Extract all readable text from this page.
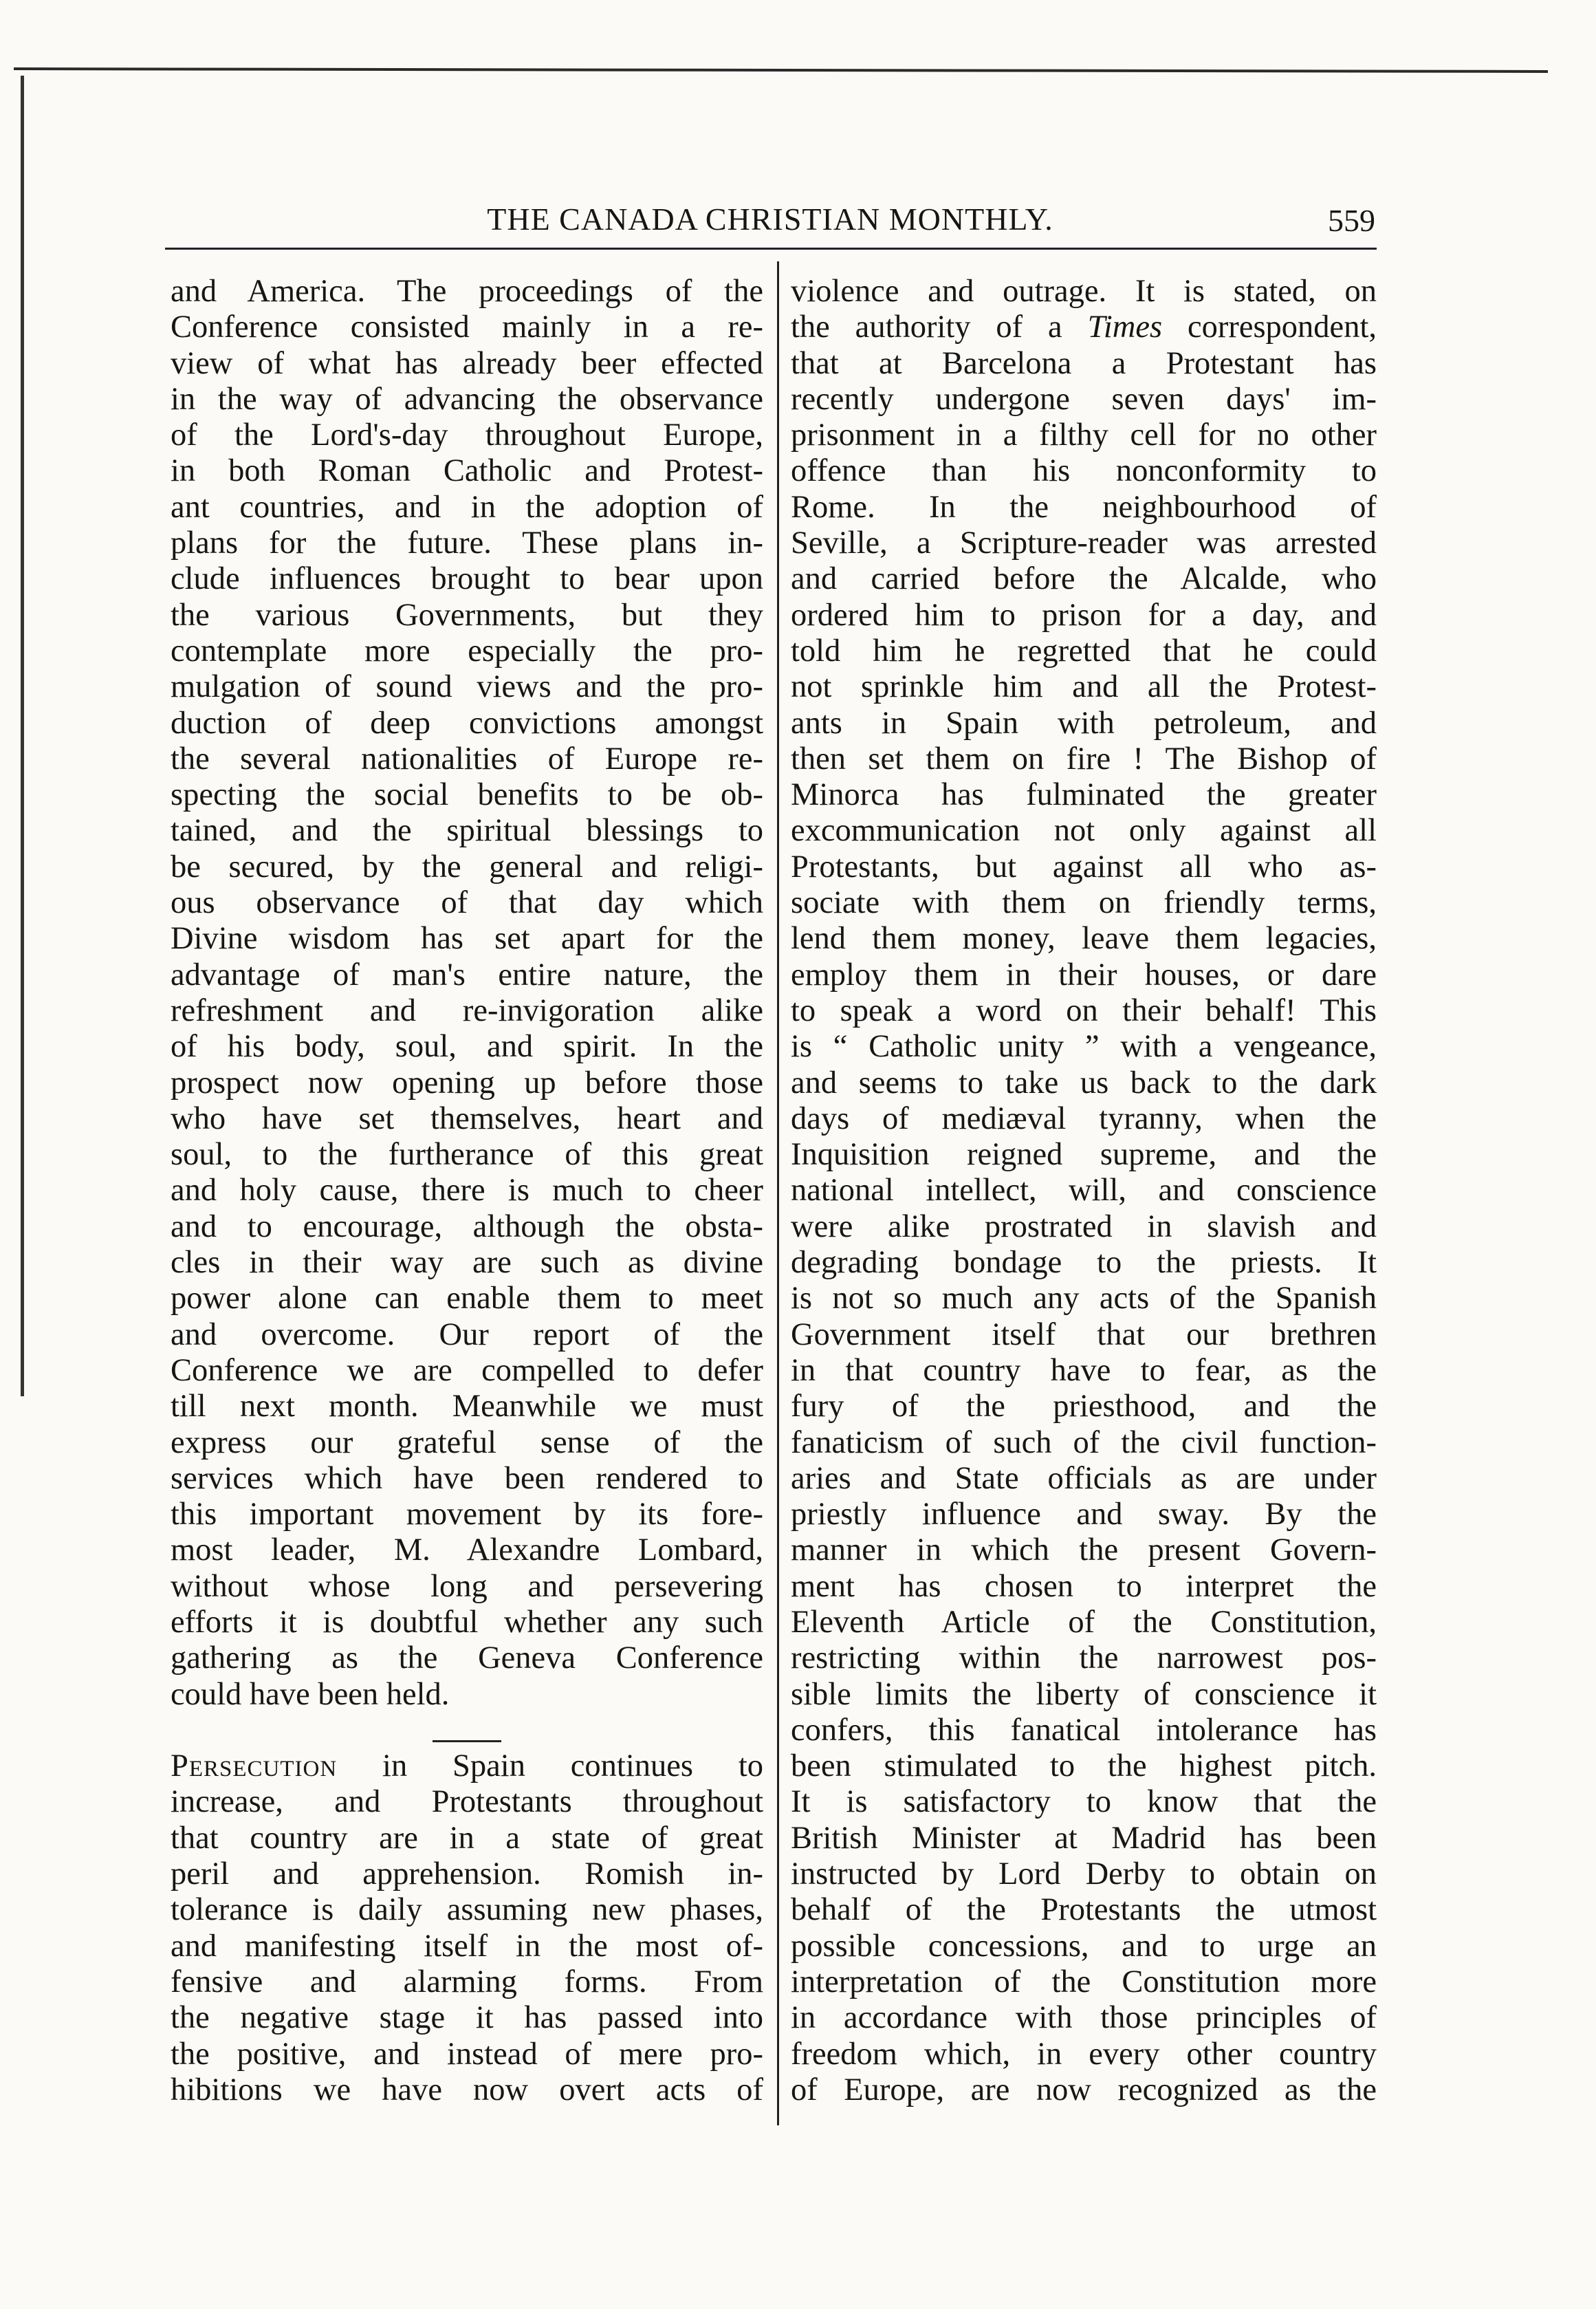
THE CANADA CHRISTIAN MONTHLY.	559
and America. The proceedings of the
Conference consisted mainly in a re-
view of what has already beer effected
in the way of advancing the observance
of the Lord's-day throughout Europe,
in both Roman Catholic and Protest-
ant countries, and in the adoption of
plans for the future. These plans in-
clude influences brought to bear upon
the various Governments, but they
contemplate more especially the pro-
mulgation of sound views and the pro-
duction of deep convictions amongst
the several nationalities of Europe re-
specting the social benefits to be ob-
tained, and the spiritual blessings to
be secured, by the general and religi-
ous observance of that day which
Divine wisdom has set apart for the
advantage of man's entire nature, the
refreshment and re-invigoration alike
of his body, soul, and spirit. In the
prospect now opening up before those
who have set themselves, heart and
soul, to the furtherance of this great
and holy cause, there is much to cheer
and to encourage, although the obsta-
cles in their way are such as divine
power alone can enable them to meet
and overcome. Our report of the
Conference we are compelled to defer
till next month. Meanwhile we must
express our grateful sense of the
services which have been rendered to
this important movement by its fore-
most leader, M. Alexandre Lombard,
without whose long and persevering
efforts it is doubtful whether any such
gathering as the Geneva Conference
could have been held.
Persecution in Spain continues to
increase, and Protestants throughout
that country are in a state of great
peril and apprehension. Romish in-
tolerance is daily assuming new phases,
and manifesting itself in the most of-
fensive and alarming forms. From
the negative stage it has passed into
the positive, and instead of mere pro-
hibitions we have now overt acts of
violence and outrage. It is stated, on
the authority of a Times correspondent,
that at Barcelona a Protestant has
recently undergone seven days' im-
prisonment in a filthy cell for no other
offence than his nonconformity to
Rome. In the neighbourhood of
Seville, a Scripture-reader was arrested
and carried before the Alcalde, who
ordered him to prison for a day, and
told him he regretted that he could
not sprinkle him and all the Protest-
ants in Spain with petroleum, and
then set them on fire ! The Bishop of
Minorca has fulminated the greater
excommunication not only against all
Protestants, but against all who as-
sociate with them on friendly terms,
lend them money, leave them legacies,
employ them in their houses, or dare
to speak a word on their behalf! This
is “ Catholic unity ” with a vengeance,
and seems to take us back to the dark
days of mediæval tyranny, when the
Inquisition reigned supreme, and the
national intellect, will, and conscience
were alike prostrated in slavish and
degrading bondage to the priests. It
is not so much any acts of the Spanish
Government itself that our brethren
in that country have to fear, as the
fury of the priesthood, and the
fanaticism of such of the civil function-
aries and State officials as are under
priestly influence and sway. By the
manner in which the present Govern-
ment has chosen to interpret the
Eleventh Article of the Constitution,
restricting within the narrowest pos-
sible limits the liberty of conscience it
confers, this fanatical intolerance has
been stimulated to the highest pitch.
It is satisfactory to know that the
British Minister at Madrid has been
instructed by Lord Derby to obtain on
behalf of the Protestants the utmost
possible concessions, and to urge an
interpretation of the Constitution more
in accordance with those principles of
freedom which, in every other country
of Europe, are now recognized as the
